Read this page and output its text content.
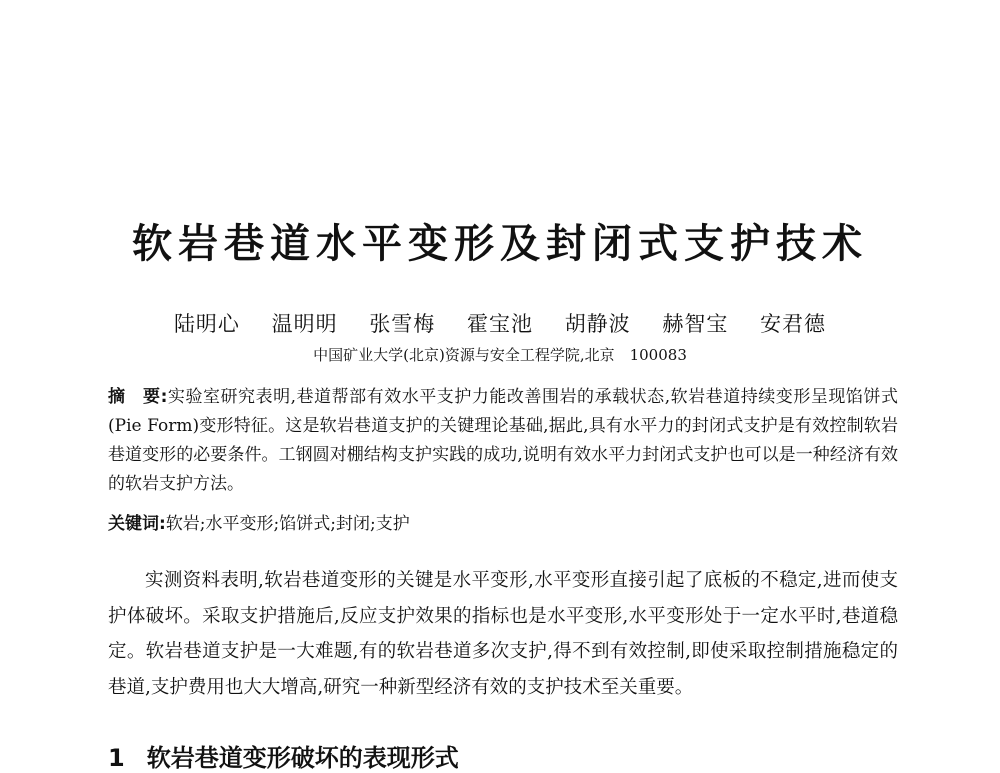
软岩巷道水平变形及封闭式支护技术
陆明心 温明明 张雪梅 霍宝池 胡静波 赫智宝 安君德
中国矿业大学(北京)资源与安全工程学院,北京　100083

摘　要:实验室研究表明,巷道帮部有效水平支护力能改善围岩的承载状态,软岩巷道持续变形呈现馅饼式(Pie Form)变形特征。这是软岩巷道支护的关键理论基础,据此,具有水平力的封闭式支护是有效控制软岩巷道变形的必要条件。工钢圆对棚结构支护实践的成功,说明有效水平力封闭式支护也可以是一种经济有效的软岩支护方法。

关键词:软岩;水平变形;馅饼式;封闭;支护

实测资料表明,软岩巷道变形的关键是水平变形,水平变形直接引起了底板的不稳定,进而使支护体破坏。采取支护措施后,反应支护效果的指标也是水平变形,水平变形处于一定水平时,巷道稳定。软岩巷道支护是一大难题,有的软岩巷道多次支护,得不到有效控制,即使采取控制措施稳定的巷道,支护费用也大大增高,研究一种新型经济有效的支护技术至关重要。

1 软岩巷道变形破坏的表现形式
